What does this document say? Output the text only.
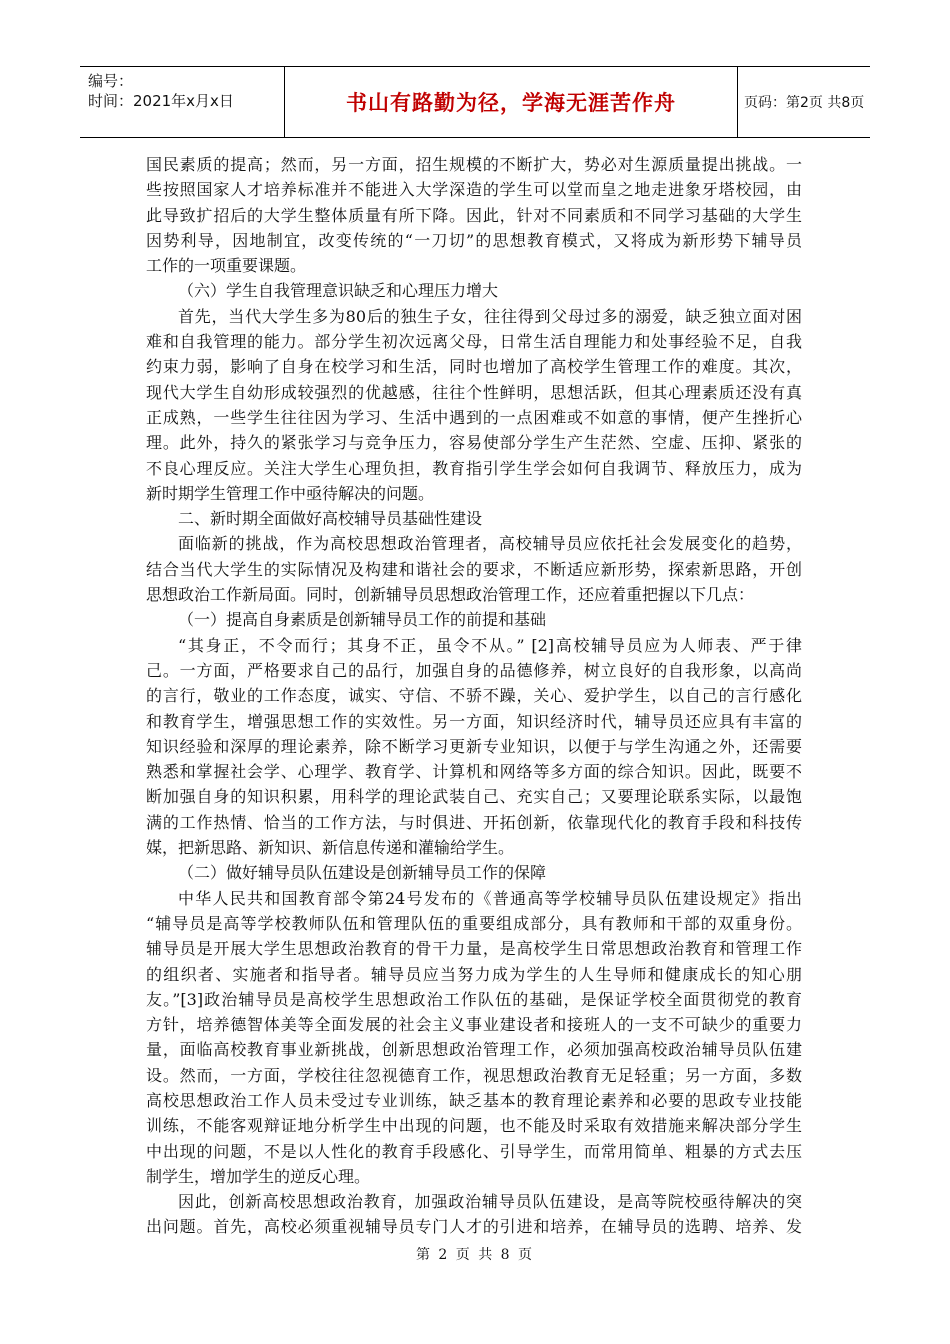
编号：
时间：2021年x月x日	书山有路勤为径，学海无涯苦作舟	页码：第2页 共8页

国民素质的提高；然而，另一方面，招生规模的不断扩大，势必对生源质量提出挑战。一

些按照国家人才培养标准并不能进入大学深造的学生可以堂而皇之地走进象牙塔校园，由

此导致扩招后的大学生整体质量有所下降。因此，针对不同素质和不同学习基础的大学生

因势利导，因地制宜，改变传统的“一刀切”的思想教育模式，又将成为新形势下辅导员

工作的一项重要课题。

（六）学生自我管理意识缺乏和心理压力增大

首先，当代大学生多为80后的独生子女，往往得到父母过多的溺爱，缺乏独立面对困

难和自我管理的能力。部分学生初次远离父母，日常生活自理能力和处事经验不足，自我

约束力弱，影响了自身在校学习和生活，同时也增加了高校学生管理工作的难度。其次，

现代大学生自幼形成较强烈的优越感，往往个性鲜明，思想活跃，但其心理素质还没有真

正成熟，一些学生往往因为学习、生活中遇到的一点困难或不如意的事情，便产生挫折心

理。此外，持久的紧张学习与竞争压力，容易使部分学生产生茫然、空虚、压抑、紧张的

不良心理反应。关注大学生心理负担，教育指引学生学会如何自我调节、释放压力，成为

新时期学生管理工作中亟待解决的问题。

二、新时期全面做好高校辅导员基础性建设

面临新的挑战，作为高校思想政治管理者，高校辅导员应依托社会发展变化的趋势，

结合当代大学生的实际情况及构建和谐社会的要求，不断适应新形势，探索新思路，开创

思想政治工作新局面。同时，创新辅导员思想政治管理工作，还应着重把握以下几点：

（一）提高自身素质是创新辅导员工作的前提和基础

“其身正，不令而行；其身不正，虽令不从。” [2]高校辅导员应为人师表、严于律

己。一方面，严格要求自己的品行，加强自身的品德修养，树立良好的自我形象，以高尚

的言行，敬业的工作态度，诚实、守信、不骄不躁，关心、爱护学生，以自己的言行感化

和教育学生，增强思想工作的实效性。另一方面，知识经济时代，辅导员还应具有丰富的

知识经验和深厚的理论素养，除不断学习更新专业知识，以便于与学生沟通之外，还需要

熟悉和掌握社会学、心理学、教育学、计算机和网络等多方面的综合知识。因此，既要不

断加强自身的知识积累，用科学的理论武装自己、充实自己；又要理论联系实际，以最饱

满的工作热情、恰当的工作方法，与时俱进、开拓创新，依靠现代化的教育手段和科技传

媒，把新思路、新知识、新信息传递和灌输给学生。

（二）做好辅导员队伍建设是创新辅导员工作的保障

中华人民共和国教育部令第24号发布的《普通高等学校辅导员队伍建设规定》指出

“辅导员是高等学校教师队伍和管理队伍的重要组成部分，具有教师和干部的双重身份。

辅导员是开展大学生思想政治教育的骨干力量，是高校学生日常思想政治教育和管理工作

的组织者、实施者和指导者。辅导员应当努力成为学生的人生导师和健康成长的知心朋

友。”[3]政治辅导员是高校学生思想政治工作队伍的基础，是保证学校全面贯彻党的教育

方针，培养德智体美等全面发展的社会主义事业建设者和接班人的一支不可缺少的重要力

量，面临高校教育事业新挑战，创新思想政治管理工作，必须加强高校政治辅导员队伍建

设。然而，一方面，学校往往忽视德育工作，视思想政治教育无足轻重；另一方面，多数

高校思想政治工作人员未受过专业训练，缺乏基本的教育理论素养和必要的思政专业技能

训练，不能客观辩证地分析学生中出现的问题，也不能及时采取有效措施来解决部分学生

中出现的问题，不是以人性化的教育手段感化、引导学生，而常用简单、粗暴的方式去压

制学生，增加学生的逆反心理。

因此，创新高校思想政治教育，加强政治辅导员队伍建设，是高等院校亟待解决的突

出问题。首先，高校必须重视辅导员专门人才的引进和培养，在辅导员的选聘、培养、发

第 2 页 共 8 页
